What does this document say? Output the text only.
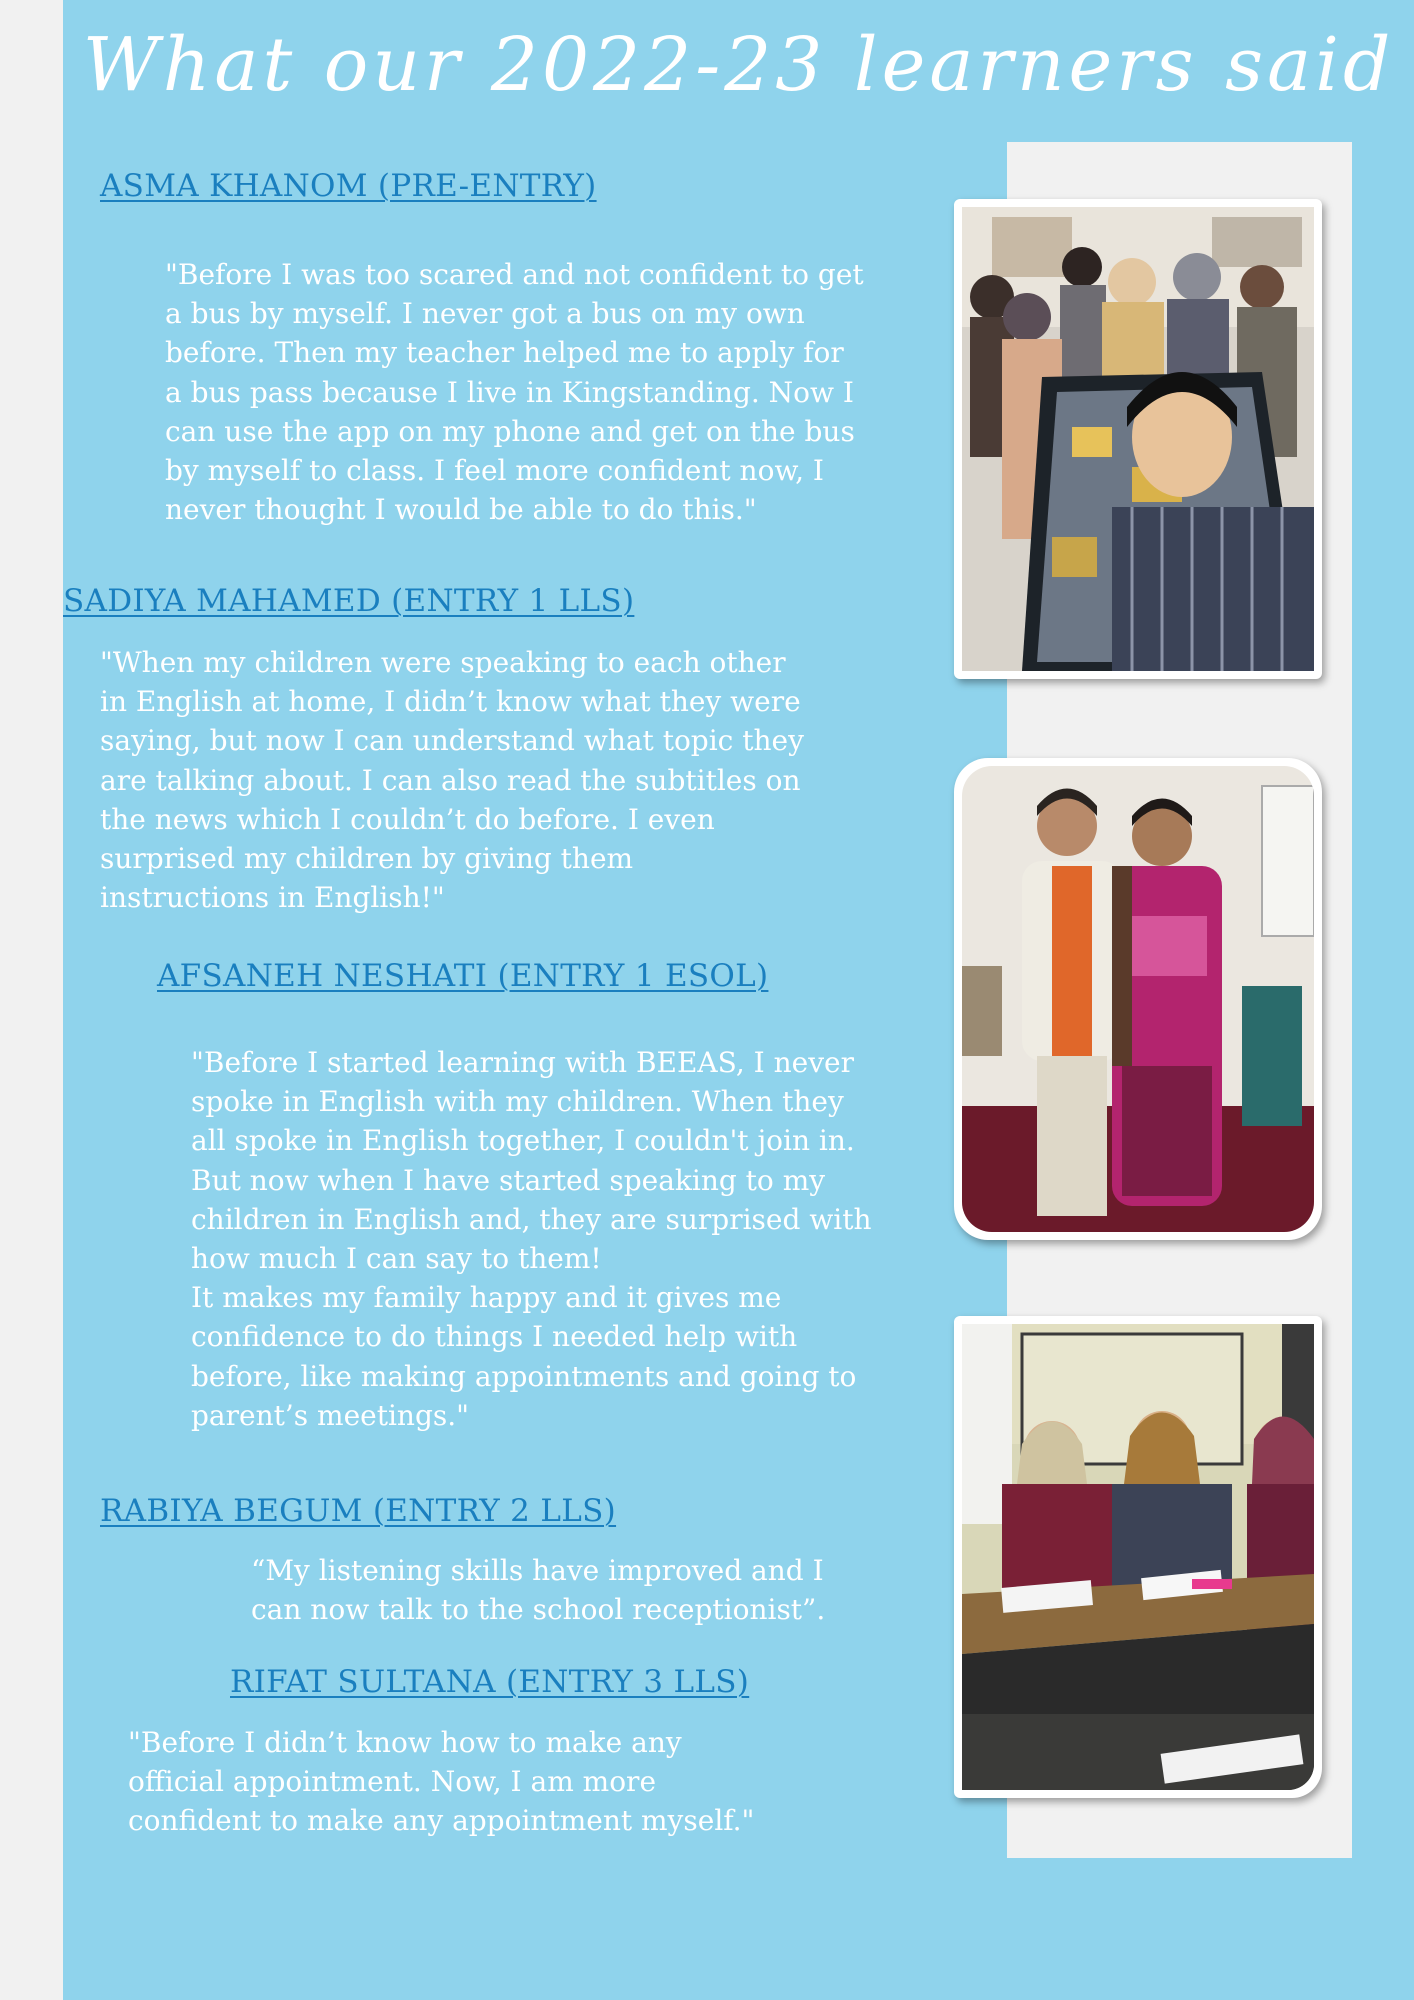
What our 2022-23 learners said
ASMA KHANOM (PRE-ENTRY)
"Before I was too scared and not confident to get
a bus by myself. I never got a bus on my own
before. Then my teacher helped me to apply for
a bus pass because I live in Kingstanding. Now I
can use the app on my phone and get on the bus
by myself to class. I feel more confident now, I
never thought I would be able to do this."
SADIYA MAHAMED (ENTRY 1 LLS)
"When my children were speaking to each other
in English at home, I didn’t know what they were
saying, but now I can understand what topic they
are talking about. I can also read the subtitles on
the news which I couldn’t do before. I even
surprised my children by giving them
instructions in English!"
AFSANEH NESHATI (ENTRY 1 ESOL)
"Before I started learning with BEEAS, I never
spoke in English with my children. When they
all spoke in English together, I couldn't join in.
But now when I have started speaking to my
children in English and, they are surprised with
how much I can say to them!
It makes my family happy and it gives me
confidence to do things I needed help with
before, like making appointments and going to
parent’s meetings."
RABIYA BEGUM (ENTRY 2 LLS)
“My listening skills have improved and I
can now talk to the school receptionist”.
RIFAT SULTANA (ENTRY 3 LLS)
"Before I didn’t know how to make any
official appointment. Now, I am more
confident to make any appointment myself."
